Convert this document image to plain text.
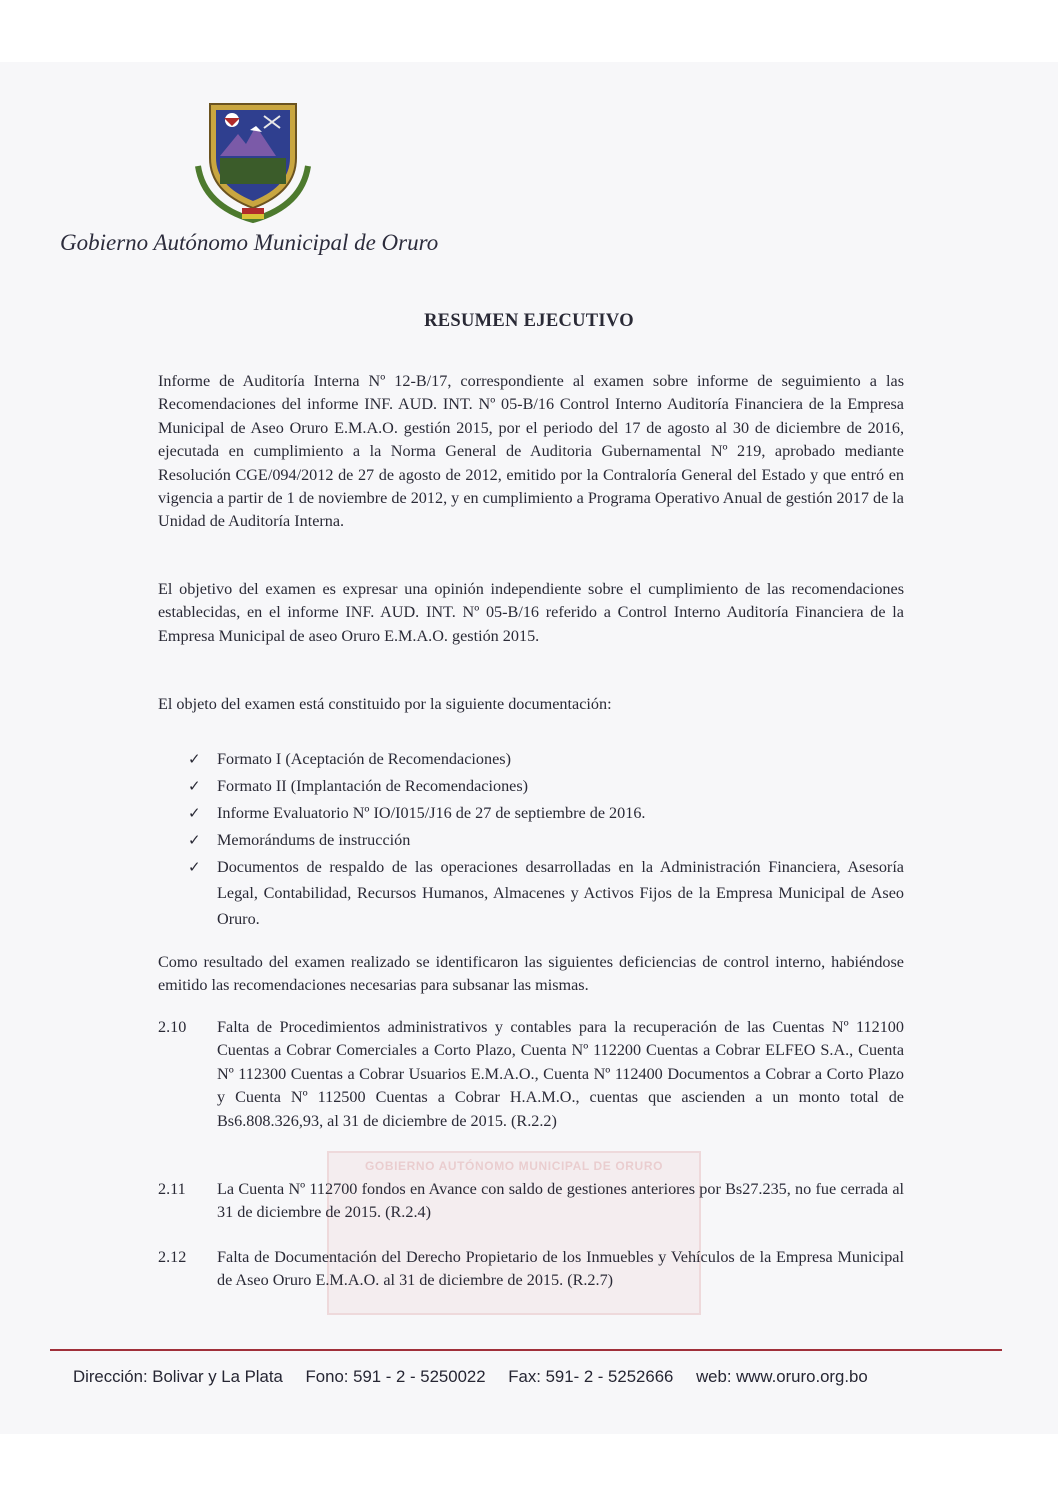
Gobierno Autónomo Municipal de Oruro
RESUMEN EJECUTIVO

Informe de Auditoría Interna Nº 12-B/17, correspondiente al examen sobre informe de seguimiento a las Recomendaciones del informe INF. AUD. INT. Nº 05-B/16 Control Interno Auditoría Financiera de la Empresa Municipal de Aseo Oruro E.M.A.O. gestión 2015, por el periodo del 17 de agosto al 30 de diciembre de 2016, ejecutada en cumplimiento a la Norma General de Auditoria Gubernamental Nº 219, aprobado mediante Resolución CGE/094/2012 de 27 de agosto de 2012, emitido por la Contraloría General del Estado y que entró en vigencia a partir de 1 de noviembre de 2012, y en cumplimiento a Programa Operativo Anual de gestión 2017 de la Unidad de Auditoría Interna.

El objetivo del examen es expresar una opinión independiente sobre el cumplimiento de las recomendaciones establecidas, en el informe INF. AUD. INT. Nº 05-B/16 referido a Control Interno Auditoría Financiera de la Empresa Municipal de aseo Oruro E.M.A.O. gestión 2015.

El objeto del examen está constituido por la siguiente documentación:

✓ Formato I (Aceptación de Recomendaciones)
✓ Formato II (Implantación de Recomendaciones)
✓ Informe Evaluatorio Nº IO/I015/J16 de 27 de septiembre de 2016.
✓ Memorándums de instrucción
✓ Documentos de respaldo de las operaciones desarrolladas en la Administración Financiera, Asesoría Legal, Contabilidad, Recursos Humanos, Almacenes y Activos Fijos de la Empresa Municipal de Aseo Oruro.

Como resultado del examen realizado se identificaron las siguientes deficiencias de control interno, habiéndose emitido las recomendaciones necesarias para subsanar las mismas.

GOBIERNO AUTÓNOMO MUNICIPAL DE ORURO
2.10 Falta de Procedimientos administrativos y contables para la recuperación de las Cuentas Nº 112100 Cuentas a Cobrar Comerciales a Corto Plazo, Cuenta Nº 112200 Cuentas a Cobrar ELFEO S.A., Cuenta Nº 112300 Cuentas a Cobrar Usuarios E.M.A.O., Cuenta Nº 112400 Documentos a Cobrar a Corto Plazo y Cuenta Nº 112500 Cuentas a Cobrar H.A.M.O., cuentas que ascienden a un monto total de Bs6.808.326,93, al 31 de diciembre de 2015. (R.2.2)
2.11 La Cuenta Nº 112700 fondos en Avance con saldo de gestiones anteriores por Bs27.235, no fue cerrada al 31 de diciembre de 2015. (R.2.4)
2.12 Falta de Documentación del Derecho Propietario de los Inmuebles y Vehículos de la Empresa Municipal de Aseo Oruro E.M.A.O. al 31 de diciembre de 2015. (R.2.7)
Dirección: Bolivar y La Plata Fono: 591 - 2 - 5250022 Fax: 591- 2 - 5252666 web: www.oruro.org.bo
